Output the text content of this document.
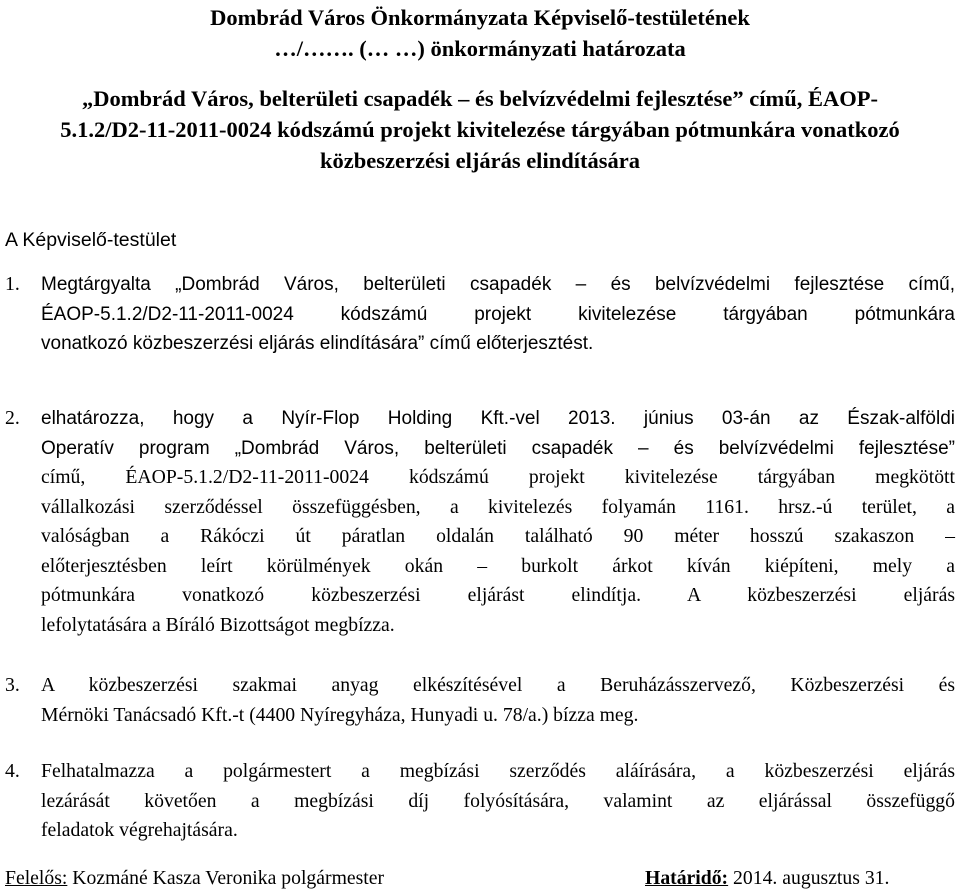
Dombrád Város Önkormányzata Képviselő-testületének
…/……. (… …) önkormányzati határozata
„Dombrád Város, belterületi csapadék – és belvízvédelmi fejlesztése” című, ÉAOP-
5.1.2/D2-11-2011-0024 kódszámú projekt kivitelezése tárgyában pótmunkára vonatkozó
közbeszerzési eljárás elindítására

A Képviselő-testület

1.	Megtárgyalta „Dombrád Város, belterületi csapadék – és belvízvédelmi fejlesztése című,
ÉAOP-5.1.2/D2-11-2011-0024 kódszámú projekt kivitelezése tárgyában pótmunkára
vonatkozó közbeszerzési eljárás elindítására” című előterjesztést.
2.	elhatározza, hogy a Nyír-Flop Holding Kft.-vel 2013. június 03-án az Észak-alföldi
Operatív program „Dombrád Város, belterületi csapadék – és belvízvédelmi fejlesztése”
című, ÉAOP-5.1.2/D2-11-2011-0024 kódszámú projekt kivitelezése tárgyában megkötött
vállalkozási szerződéssel összefüggésben, a kivitelezés folyamán 1161. hrsz.-ú terület, a
valóságban a Rákóczi út páratlan oldalán található 90 méter hosszú szakaszon –
előterjesztésben leírt körülmények okán – burkolt árkot kíván kiépíteni, mely a
pótmunkára vonatkozó közbeszerzési eljárást elindítja. A közbeszerzési eljárás
lefolytatására a Bíráló Bizottságot megbízza.
3.	A közbeszerzési szakmai anyag elkészítésével a Beruházásszervező, Közbeszerzési és
Mérnöki Tanácsadó Kft.-t (4400 Nyíregyháza, Hunyadi u. 78/a.) bízza meg.
4.	Felhatalmazza a polgármestert a megbízási szerződés aláírására, a közbeszerzési eljárás
lezárását követően a megbízási díj folyósítására, valamint az eljárással összefüggő
feladatok végrehajtására.
Felelős: Kozmáné Kasza Veronika polgármester	Határidő: 2014. augusztus 31.
